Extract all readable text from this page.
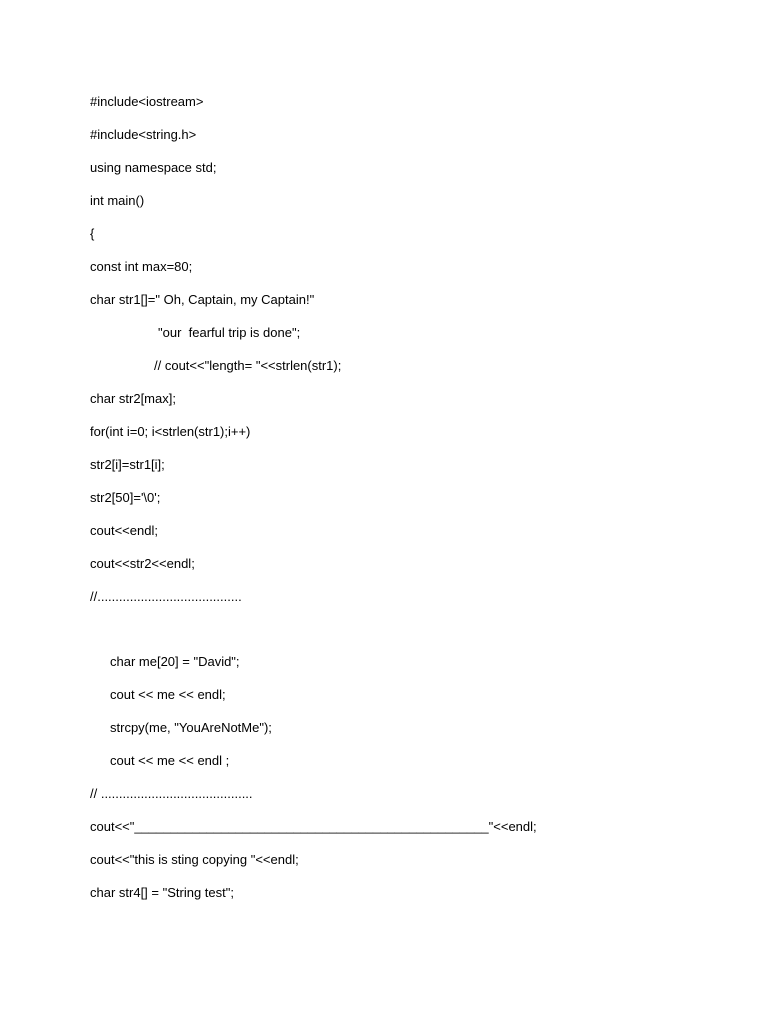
#include<iostream>
#include<string.h>
using namespace std;
int main()
{
const int max=80;
char str1[]=" Oh, Captain, my Captain!"
"our  fearful trip is done";
// cout<<"length= "<<strlen(str1);
char str2[max];
for(int i=0; i<strlen(str1);i++)
str2[i]=str1[i];
str2[50]='\0';
cout<<endl;
cout<<str2<<endl;
//........................................
char me[20] = "David";
cout << me << endl;
strcpy(me, "YouAreNotMe");
cout << me << endl ;
// ..........................................
cout<<"_________________________________________________"<<endl;
cout<<"this is sting copying "<<endl;
char str4[] = "String test";
